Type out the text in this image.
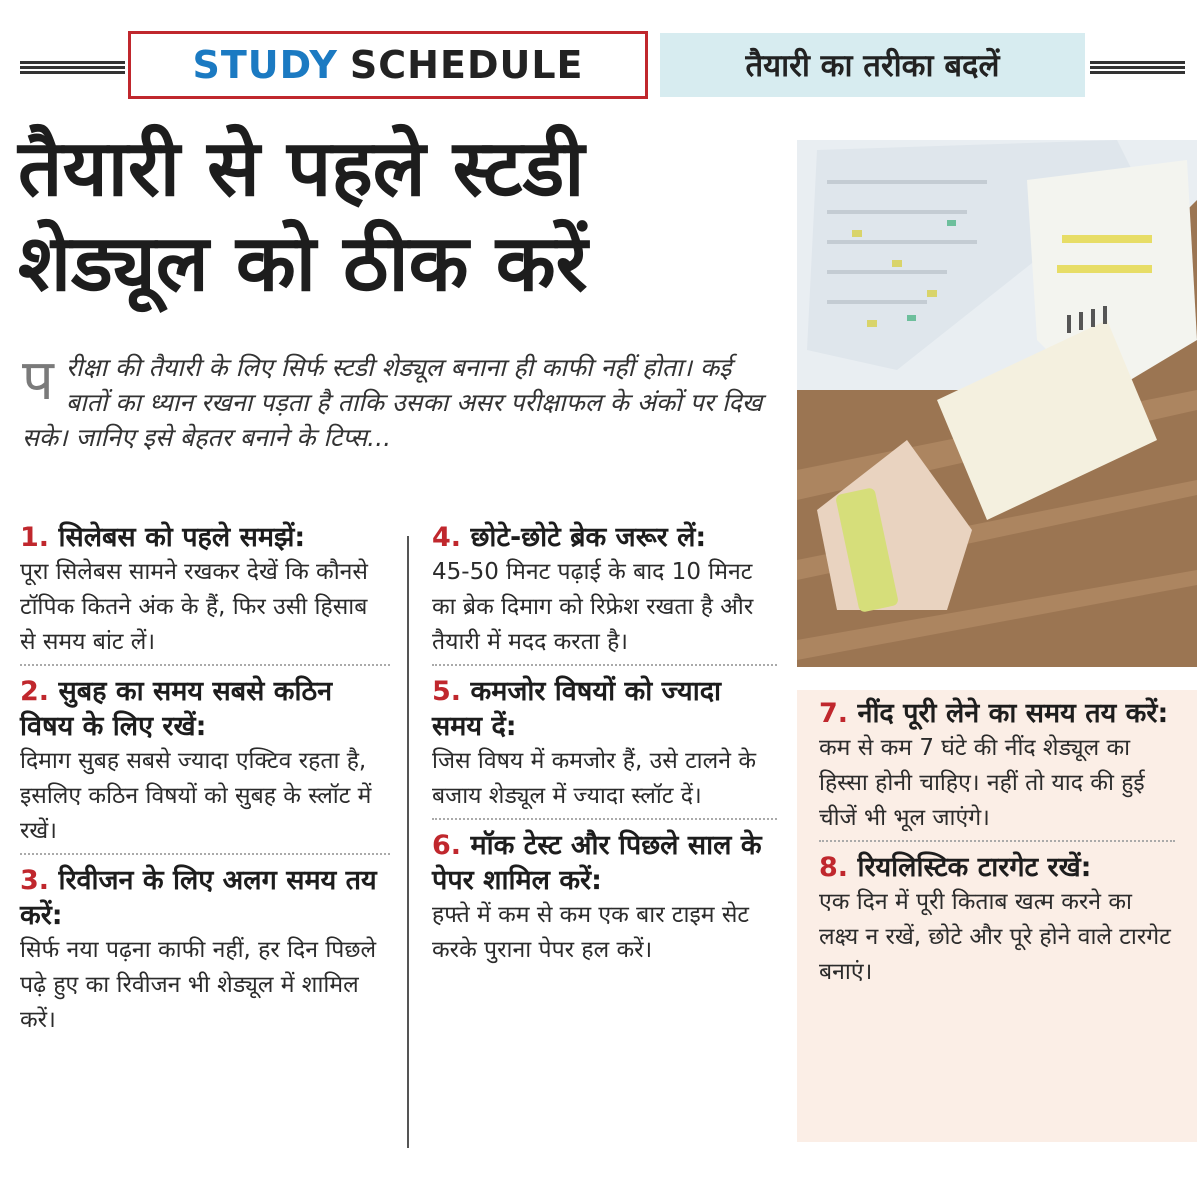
STUDY SCHEDULE	तैयारी का तरीका बदलें
तैयारी से पहले स्टडी शेड्यूल को ठीक करें

प रीक्षा की तैयारी के लिए सिर्फ स्टडी शेड्यूल बनाना ही काफी नहीं होता। कई बातों का ध्यान रखना पड़ता है ताकि उसका असर परीक्षाफल के अंकों पर दिख सके। जानिए इसे बेहतर बनाने के टिप्स...

1. सिलेबस को पहले समझें:
पूरा सिलेबस सामने रखकर देखें कि कौनसे टॉपिक कितने अंक के हैं, फिर उसी हिसाब से समय बांट लें।
2. सुबह का समय सबसे कठिन विषय के लिए रखें:
दिमाग सुबह सबसे ज्यादा एक्टिव रहता है, इसलिए कठिन विषयों को सुबह के स्लॉट में रखें।
3. रिवीजन के लिए अलग समय तय करें:
सिर्फ नया पढ़ना काफी नहीं, हर दिन पिछले पढ़े हुए का रिवीजन भी शेड्यूल में शामिल करें।
4. छोटे-छोटे ब्रेक जरूर लें:
45-50 मिनट पढ़ाई के बाद 10 मिनट का ब्रेक दिमाग को रिफ्रेश रखता है और तैयारी में मदद करता है।
5. कमजोर विषयों को ज्यादा समय दें:
जिस विषय में कमजोर हैं, उसे टालने के बजाय शेड्यूल में ज्यादा स्लॉट दें।
6. मॉक टेस्ट और पिछले साल के पेपर शामिल करें:
हफ्ते में कम से कम एक बार टाइम सेट करके पुराना पेपर हल करें।
7. नींद पूरी लेने का समय तय करें:
कम से कम 7 घंटे की नींद शेड्यूल का हिस्सा होनी चाहिए। नहीं तो याद की हुई चीजें भी भूल जाएंगे।
8. रियलिस्टिक टारगेट रखें:
एक दिन में पूरी किताब खत्म करने का लक्ष्य न रखें, छोटे और पूरे होने वाले टारगेट बनाएं।
